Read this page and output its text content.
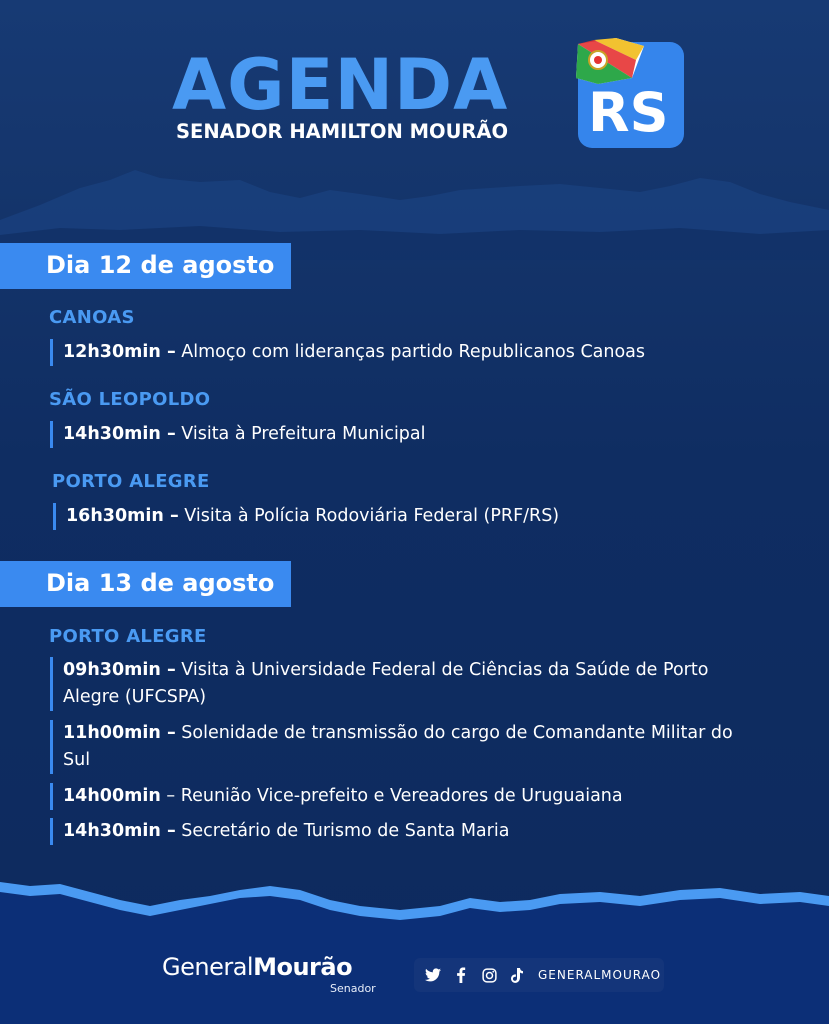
AGENDA
SENADOR HAMILTON MOURÃO RS
Dia 12 de agosto
CANOAS
12h30min – Almoço com lideranças partido Republicanos Canoas
SÃO LEOPOLDO
14h30min – Visita à Prefeitura Municipal
PORTO ALEGRE
16h30min – Visita à Polícia Rodoviária Federal (PRF/RS)
Dia 13 de agosto
PORTO ALEGRE
09h30min – Visita à Universidade Federal de Ciências da Saúde de Porto Alegre (UFCSPA)
11h00min – Solenidade de transmissão do cargo de Comandante Militar do Sul
14h00min – Reunião Vice-prefeito e Vereadores de Uruguaiana
14h30min – Secretário de Turismo de Santa Maria
GeneralMourão
Senador
GENERALMOURAO
